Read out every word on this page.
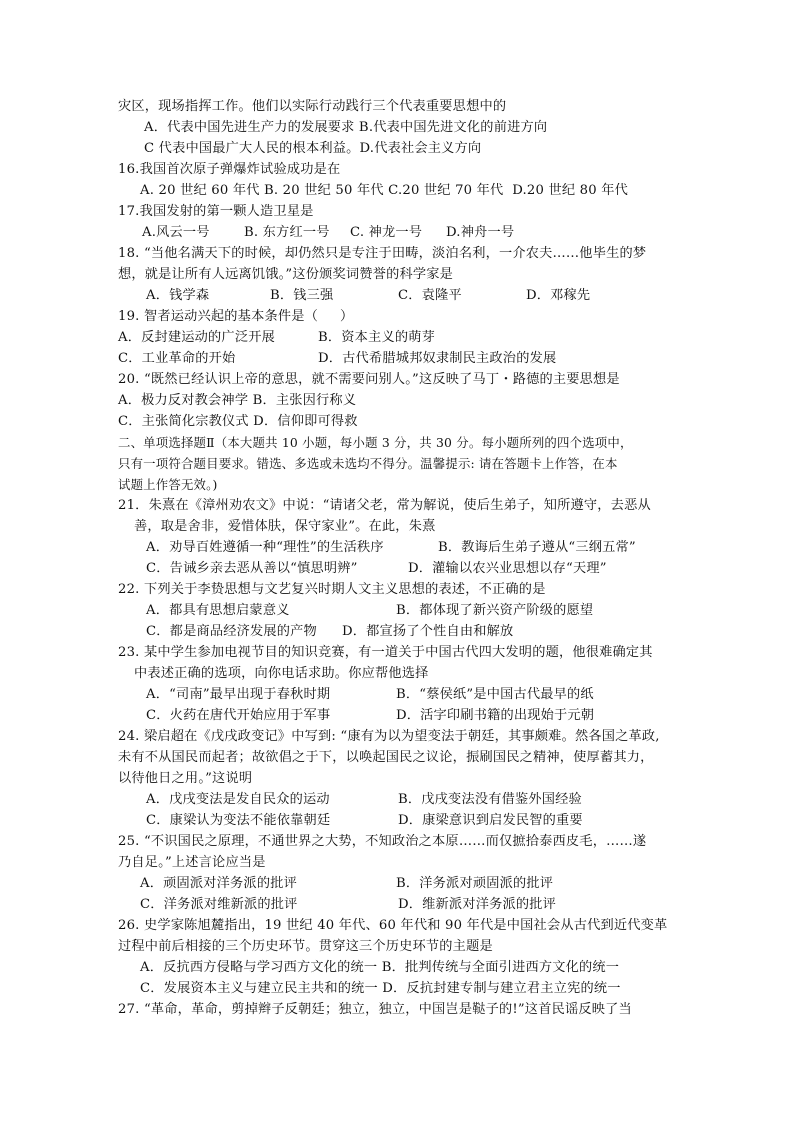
灾区，现场指挥工作。他们以实际行动践行三个代表重要思想中的
A．代表中国先进生产力的发展要求 B.代表中国先进文化的前进方向
C 代表中国最广大人民的根本利益。D.代表社会主义方向
16.我国首次原子弹爆炸试验成功是在
A. 20 世纪 60 年代 B. 20 世纪 50 年代 C.20 世纪 70 年代  D.20 世纪 80 年代
17.我国发射的第一颗人造卫星是

A.风云一号

	B. 东方红一号

C. 神龙一号

D.神舟一号

18. “当他名满天下的时候，却仍然只是专注于田畴，淡泊名利，一介农夫……他毕生的梦
想，就是让所有人远离饥饿。”这份颁奖词赞誉的科学家是

A．钱学森

	B．钱三强

	C．袁隆平

	D．邓稼先

19. 智者运动兴起的基本条件是（     ）

A．反封建运动的广泛开展

	B．资本主义的萌芽

C．工业革命的开始

	D．古代希腊城邦奴隶制民主政治的发展

20. “既然已经认识上帝的意思，就不需要问别人。”这反映了马丁・路德的主要思想是
A．极力反对教会神学 B．主张因行称义
C．主张简化宗教仪式 D．信仰即可得救
二、单项选择题Ⅱ（本大题共 10 小题，每小题 3 分，共 30 分。每小题所列的四个选项中，
只有一项符合题目要求。错选、多选或未选均不得分。温馨提示: 请在答题卡上作答，在本
试题上作答无效。)
21．朱熹在《漳州劝农文》中说：“请诸父老，常为解说，使后生弟子，知所遵守，去恶从
善，取是舍非，爱惜体肤，保守家业”。在此，朱熹

A．劝导百姓遵循一种“理性”的生活秩序

	B．教诲后生弟子遵从“三纲五常”

C．告诫乡亲去恶从善以“慎思明辨”

	D．灌输以农兴业思想以存“天理”

22. 下列关于李贽思想与文艺复兴时期人文主义思想的表述，不正确的是

A．都具有思想启蒙意义

	B．都体现了新兴资产阶级的愿望

C．都是商品经济发展的产物

D．都宣扬了个性自由和解放

23. 某中学生参加电视节目的知识竞赛，有一道关于中国古代四大发明的题，他很难确定其
中表述正确的选项，向你电话求助。你应帮他选择

A．“司南”最早出现于春秋时期

	B．“蔡侯纸”是中国古代最早的纸

C．火药在唐代开始应用于军事

	D．活字印刷书籍的出现始于元朝

24. 梁启超在《戊戌政变记》中写到: “康有为以为望变法于朝廷，其事颇难。然各国之革政,
未有不从国民而起者；故欲倡之于下，以唤起国民之议论，振刷国民之精神，使厚蓄其力，
以待他日之用。”这说明

A．戊戌变法是发自民众的运动

	B．戊戌变法没有借鉴外国经验

C．康梁认为变法不能依靠朝廷

	D．康梁意识到启发民智的重要

25. “不识国民之原理，不通世界之大势，不知政治之本原……而仅摭拾泰西皮毛，……遂
乃自足。”上述言论应当是

A．顽固派对洋务派的批评

	B．洋务派对顽固派的批评

C．洋务派对维新派的批评

	D．维新派对洋务派的批评

26. 史学家陈旭麓指出，19 世纪 40 年代、60 年代和 90 年代是中国社会从古代到近代变革
过程中前后相接的三个历史环节。贯穿这三个历史环节的主题是
A．反抗西方侵略与学习西方文化的统一 B．批判传统与全面引进西方文化的统一
C．发展资本主义与建立民主共和的统一 D．反抗封建专制与建立君主立宪的统一
27. “革命，革命，剪掉辫子反朝廷；独立，独立，中国岂是鞑子的!”这首民谣反映了当
